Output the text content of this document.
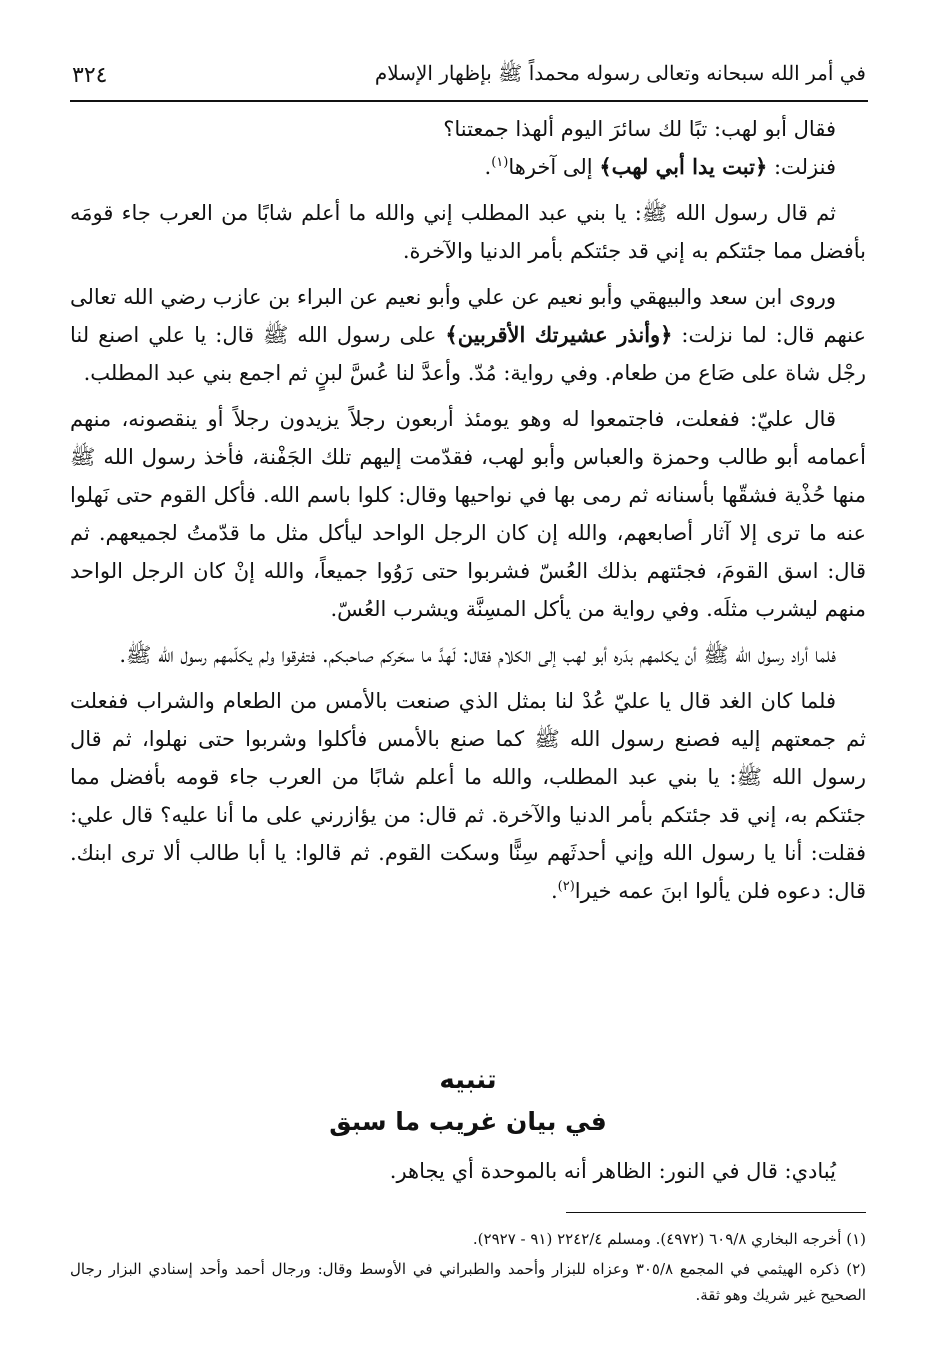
في أمر الله سبحانه وتعالى رسوله محمداً ﷺ بإظهار الإسلام
٣٢٤

فقال أبو لهب: تبًا لك سائرَ اليوم ألهذا جمعتنا؟

فنزلت: ﴿تبت يدا أبي لهب﴾ إلى آخرها$^{(١)}$.

ثم قال رسول الله ﷺ: يا بني عبد المطلب إني والله ما أعلم شابًا من العرب جاء قومَه بأفضل مما جئتكم به إني قد جئتكم بأمر الدنيا والآخرة.

وروى ابن سعد والبيهقي وأبو نعيم عن علي وأبو نعيم عن البراء بن عازب رضي الله تعالى عنهم قال: لما نزلت: ﴿وأنذر عشيرتك الأقربين﴾ على رسول الله ﷺ قال: يا علي اصنع لنا رجْل شاة على صَاع من طعام. وفي رواية: مُدّ. وأعدَّ لنا عُسَّ لبنٍ ثم اجمع بني عبد المطلب.

قال عليّ: ففعلت، فاجتمعوا له وهو يومئذ أربعون رجلاً يزيدون رجلاً أو ينقصونه، منهم أعمامه أبو طالب وحمزة والعباس وأبو لهب، فقدّمت إليهم تلك الجَفْنة، فأخذ رسول الله ﷺ منها حُذْية فشقّها بأسنانه ثم رمى بها في نواحيها وقال: كلوا باسم الله. فأكل القوم حتى نَهلوا عنه ما ترى إلا آثار أصابعهم، والله إن كان الرجل الواحد ليأكل مثل ما قدّمتُ لجميعهم. ثم قال: اسق القومَ، فجئتهم بذلك العُسّ فشربوا حتى رَوُوا جميعاً، والله إنْ كان الرجل الواحد منهم ليشرب مثلَه. وفي رواية من يأكل المسِنَّة ويشرب العُسّ.

فلما أراد رسول الله ﷺ أن يكلمهم بدَره أبو لهب إلى الكلام فقال: لَهدَّ ما سحَركم صاحبكم. فتفرقوا ولم يكلّمهم رسول الله ﷺ.

فلما كان الغد قال يا عليّ عُدْ لنا بمثل الذي صنعت بالأمس من الطعام والشراب ففعلت ثم جمعتهم إليه فصنع رسول الله ﷺ كما صنع بالأمس فأكلوا وشربوا حتى نهلوا، ثم قال رسول الله ﷺ: يا بني عبد المطلب، والله ما أعلم شابًا من العرب جاء قومه بأفضل مما جئتكم به، إني قد جئتكم بأمر الدنيا والآخرة. ثم قال: من يؤازرني على ما أنا عليه؟ قال علي: فقلت: أنا يا رسول الله وإني أحدثَهم سِنًّا وسكت القوم. ثم قالوا: يا أبا طالب ألا ترى ابنك. قال: دعوه فلن يألوا ابنَ عمه خيرا$^{(٢)}$.

تنبيه

في بيان غريب ما سبق

يُبادي: قال في النور: الظاهر أنه بالموحدة أي يجاهر.

(١) أخرجه البخاري ٦٠٩/٨ (٤٩٧٢). ومسلم ٢٢٤٢/٤ (٩١ - ٢٩٢٧).

(٢) ذكره الهيثمي في المجمع ٣٠٥/٨ وعزاه للبزار وأحمد والطبراني في الأوسط وقال: ورجال أحمد وأحد إسنادي البزار رجال الصحيح غير شريك وهو ثقة.
